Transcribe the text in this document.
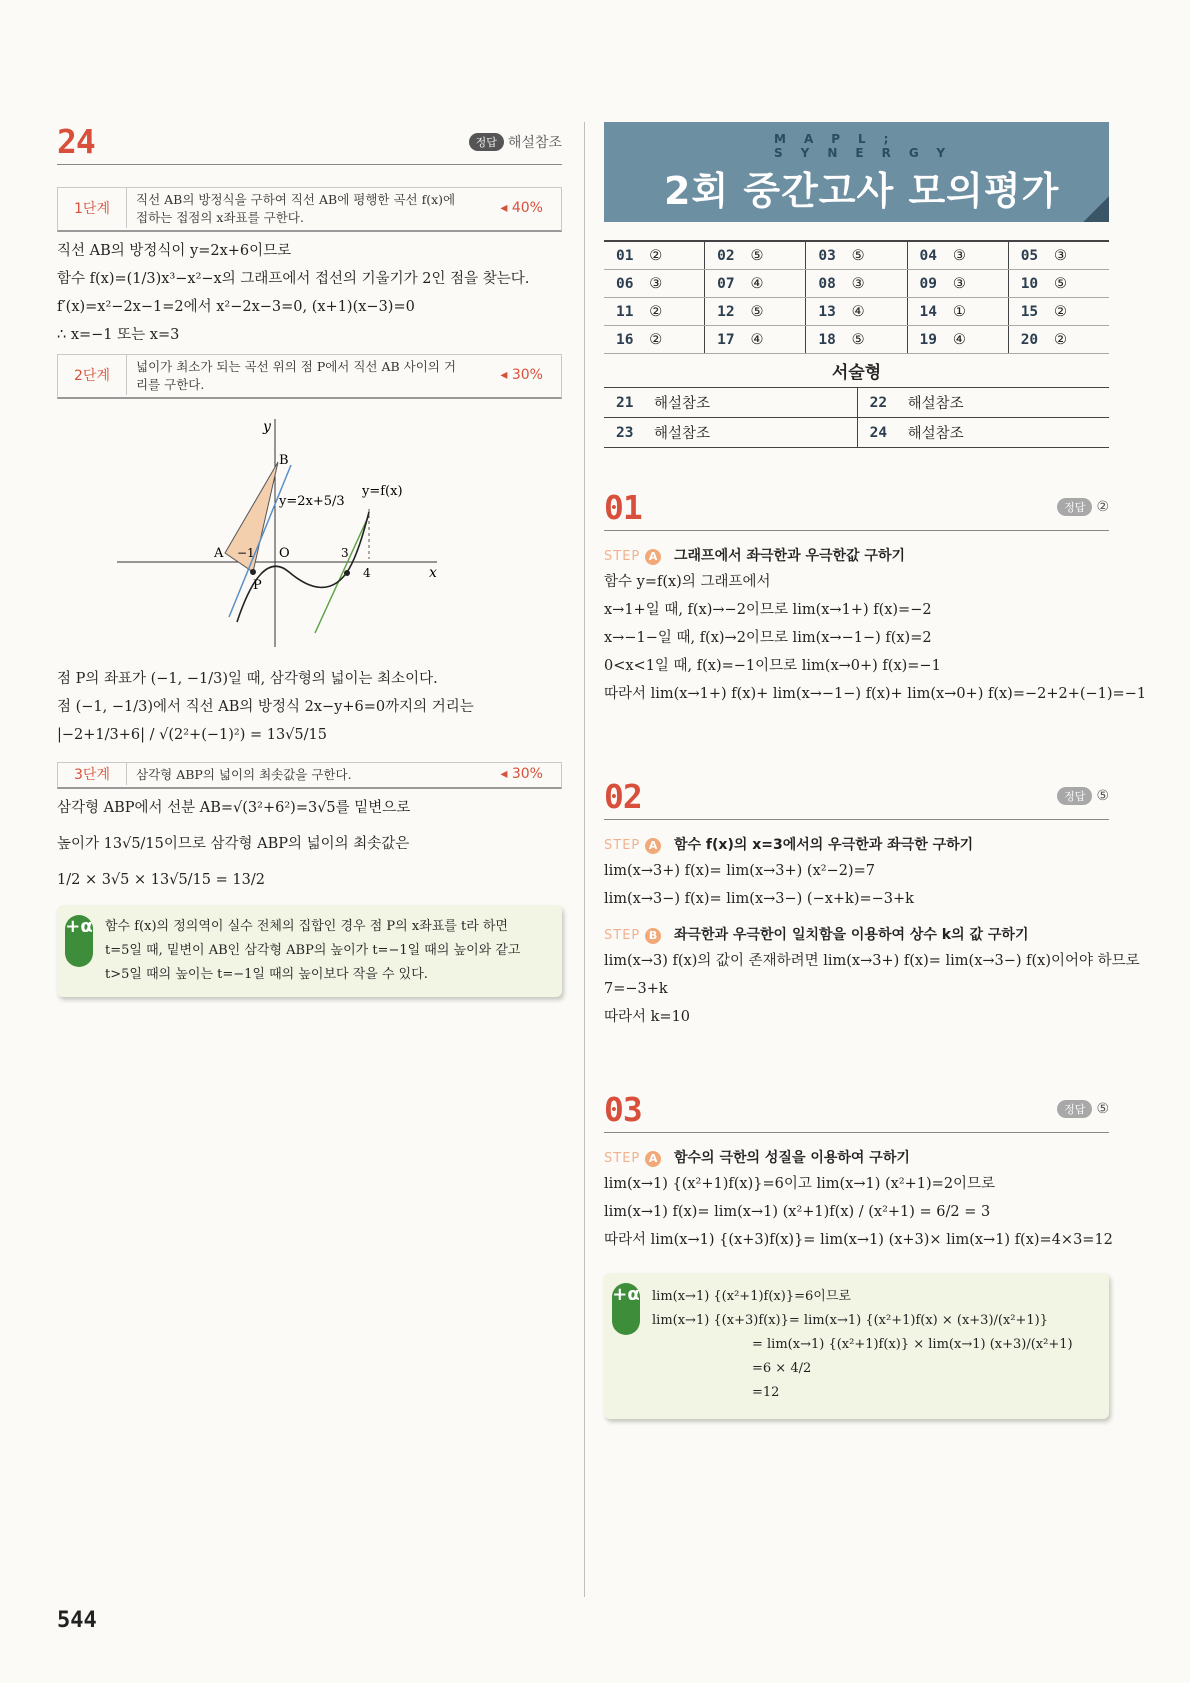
24	정답 해설참조
1단계
직선 AB의 방정식을 구하여 직선 AB에 평행한 곡선 f(x)에 접하는 접점의 x좌표를 구한다.
◂ 40%
직선 AB의 방정식이 y=2x+6이므로
함수 f(x)=(1/3)x³−x²−x의 그래프에서 접선의 기울기가 2인 점을 찾는다.
f′(x)=x²−2x−1=2에서 x²−2x−3=0, (x+1)(x−3)=0
∴ x=−1 또는 x=3
2단계
넓이가 최소가 되는 곡선 위의 점 P에서 직선 AB 사이의 거리를 구한다.
◂ 30%
y
x
B
A −1 O
P
3
4
y=2x+5/3
y=f(x)
점 P의 좌표가 (−1, −1/3)일 때, 삼각형의 넓이는 최소이다.
점 (−1, −1/3)에서 직선 AB의 방정식 2x−y+6=0까지의 거리는
|−2+1/3+6| / √(2²+(−1)²) = 13√5/15
3단계	삼각형 ABP의 넓이의 최솟값을 구한다.	◂ 30%
삼각형 ABP에서 선분 AB=√(3²+6²)=3√5를 밑변으로
높이가 13√5/15이므로 삼각형 ABP의 넓이의 최솟값은
1/2 × 3√5 × 13√5/15 = 13/2
+α 함수 f(x)의 정의역이 실수 전체의 집합인 경우 점 P의 x좌표를 t라 하면
t=5일 때, 밑변이 AB인 삼각형 ABP의 높이가 t=−1일 때의 높이와 같고
t>5일 때의 높이는 t=−1일 때의 높이보다 작을 수 있다.
MAPL; SYNERGY
2회 중간고사 모의평가
01	②	02	⑤	03	⑤	04	③	05	③
06	③	07	④	08	③	09	③	10	⑤
11	②	12	⑤	13	④	14	①	15	②
16	②	17	④	18	⑤	19	④	20	②
서술형
21	해설참조	22	해설참조
23	해설참조	24	해설참조
01	정답 ②
STEP A 그래프에서 좌극한과 우극한값 구하기
함수 y=f(x)의 그래프에서
x→1+일 때, f(x)→−2이므로 lim(x→1+) f(x)=−2
x→−1−일 때, f(x)→2이므로 lim(x→−1−) f(x)=2
0<x<1일 때, f(x)=−1이므로 lim(x→0+) f(x)=−1
따라서 lim(x→1+) f(x)+ lim(x→−1−) f(x)+ lim(x→0+) f(x)=−2+2+(−1)=−1
02	정답 ⑤
STEP A 함수 f(x)의 x=3에서의 우극한과 좌극한 구하기
lim(x→3+) f(x)= lim(x→3+) (x²−2)=7
lim(x→3−) f(x)= lim(x→3−) (−x+k)=−3+k
STEP B 좌극한과 우극한이 일치함을 이용하여 상수 k의 값 구하기
lim(x→3) f(x)의 값이 존재하려면 lim(x→3+) f(x)= lim(x→3−) f(x)이어야 하므로
7=−3+k
따라서 k=10
03	정답 ⑤
STEP A 함수의 극한의 성질을 이용하여 구하기
lim(x→1) {(x²+1)f(x)}=6이고 lim(x→1) (x²+1)=2이므로
lim(x→1) f(x)= lim(x→1) (x²+1)f(x) / (x²+1) = 6/2 = 3
따라서 lim(x→1) {(x+3)f(x)}= lim(x→1) (x+3)× lim(x→1) f(x)=4×3=12
+α lim(x→1) {(x²+1)f(x)}=6이므로
lim(x→1) {(x+3)f(x)}= lim(x→1) {(x²+1)f(x) × (x+3)/(x²+1)}
= lim(x→1) {(x²+1)f(x)} × lim(x→1) (x+3)/(x²+1)
=6 × 4/2
=12
544
